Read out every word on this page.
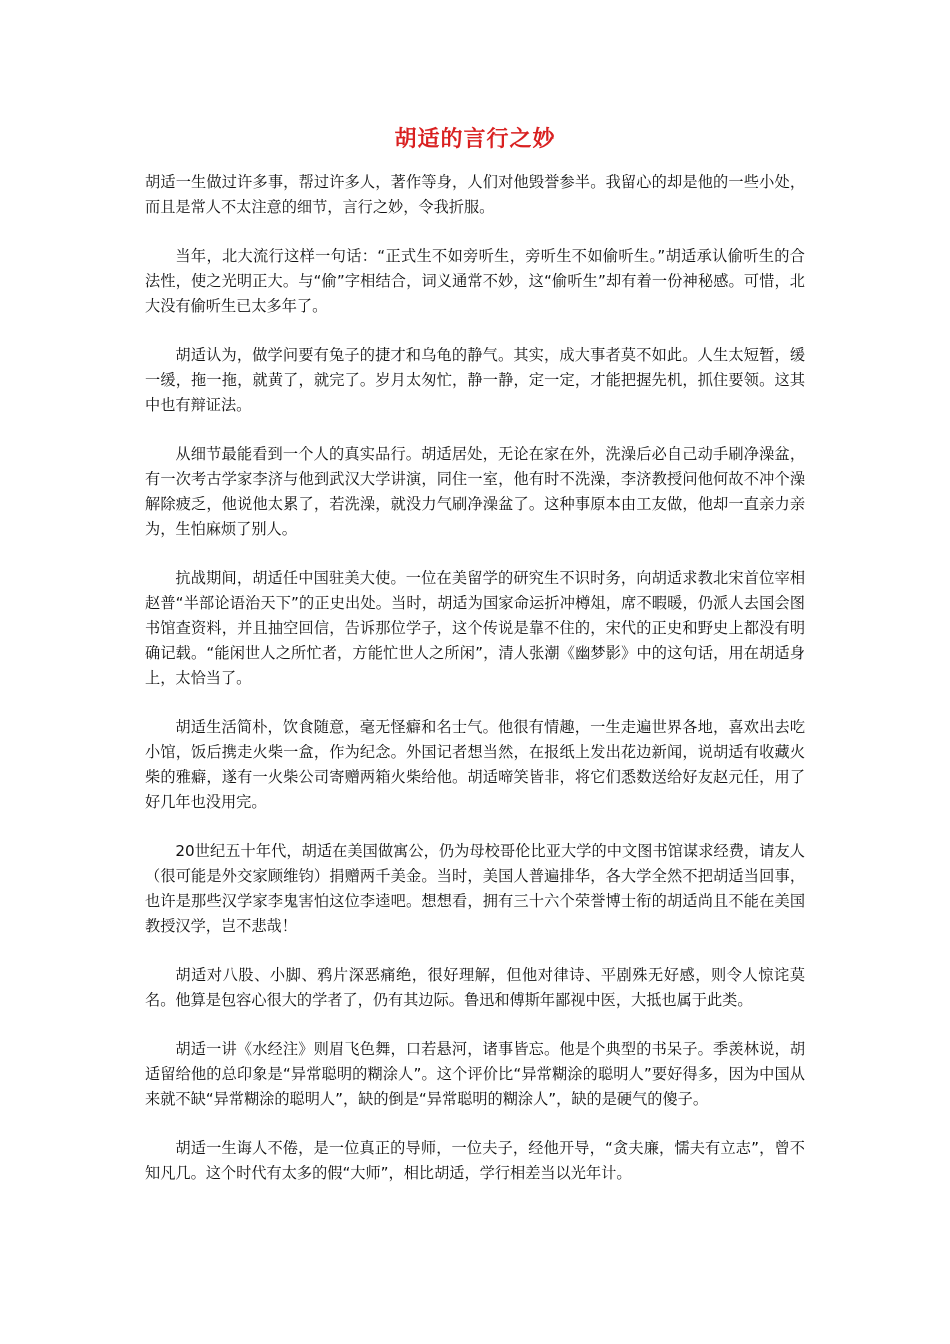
胡适的言行之妙

胡适一生做过许多事，帮过许多人，著作等身，人们对他毁誉参半。我留心的却是他的一些小处，而且是常人不太注意的细节，言行之妙，令我折服。

当年，北大流行这样一句话：“正式生不如旁听生，旁听生不如偷听生。”胡适承认偷听生的合法性，使之光明正大。与“偷”字相结合，词义通常不妙，这“偷听生”却有着一份神秘感。可惜，北大没有偷听生已太多年了。

胡适认为，做学问要有兔子的捷才和乌龟的静气。其实，成大事者莫不如此。人生太短暂，缓一缓，拖一拖，就黄了，就完了。岁月太匆忙，静一静，定一定，才能把握先机，抓住要领。这其中也有辩证法。

从细节最能看到一个人的真实品行。胡适居处，无论在家在外，洗澡后必自己动手刷净澡盆，有一次考古学家李济与他到武汉大学讲演，同住一室，他有时不洗澡，李济教授问他何故不冲个澡解除疲乏，他说他太累了，若洗澡，就没力气刷净澡盆了。这种事原本由工友做，他却一直亲力亲为，生怕麻烦了别人。

抗战期间，胡适任中国驻美大使。一位在美留学的研究生不识时务，向胡适求教北宋首位宰相赵普“半部论语治天下”的正史出处。当时，胡适为国家命运折冲樽俎，席不暇暖，仍派人去国会图书馆查资料，并且抽空回信，告诉那位学子，这个传说是靠不住的，宋代的正史和野史上都没有明确记载。“能闲世人之所忙者，方能忙世人之所闲”，清人张潮《幽梦影》中的这句话，用在胡适身上，太恰当了。

胡适生活简朴，饮食随意，毫无怪癖和名士气。他很有情趣，一生走遍世界各地，喜欢出去吃小馆，饭后携走火柴一盒，作为纪念。外国记者想当然，在报纸上发出花边新闻，说胡适有收藏火柴的雅癖，遂有一火柴公司寄赠两箱火柴给他。胡适啼笑皆非，将它们悉数送给好友赵元任，用了好几年也没用完。

20世纪五十年代，胡适在美国做寓公，仍为母校哥伦比亚大学的中文图书馆谋求经费，请友人（很可能是外交家顾维钧）捐赠两千美金。当时，美国人普遍排华，各大学全然不把胡适当回事，也许是那些汉学家李鬼害怕这位李逵吧。想想看，拥有三十六个荣誉博士衔的胡适尚且不能在美国教授汉学，岂不悲哉！

胡适对八股、小脚、鸦片深恶痛绝，很好理解，但他对律诗、平剧殊无好感，则令人惊诧莫名。他算是包容心很大的学者了，仍有其边际。鲁迅和傅斯年鄙视中医，大抵也属于此类。

胡适一讲《水经注》则眉飞色舞，口若悬河，诸事皆忘。他是个典型的书呆子。季羡林说，胡适留给他的总印象是“异常聪明的糊涂人”。这个评价比“异常糊涂的聪明人”要好得多，因为中国从来就不缺“异常糊涂的聪明人”，缺的倒是“异常聪明的糊涂人”，缺的是硬气的傻子。

胡适一生诲人不倦，是一位真正的导师，一位夫子，经他开导，“贪夫廉，懦夫有立志”，曾不知凡几。这个时代有太多的假“大师”，相比胡适，学行相差当以光年计。
